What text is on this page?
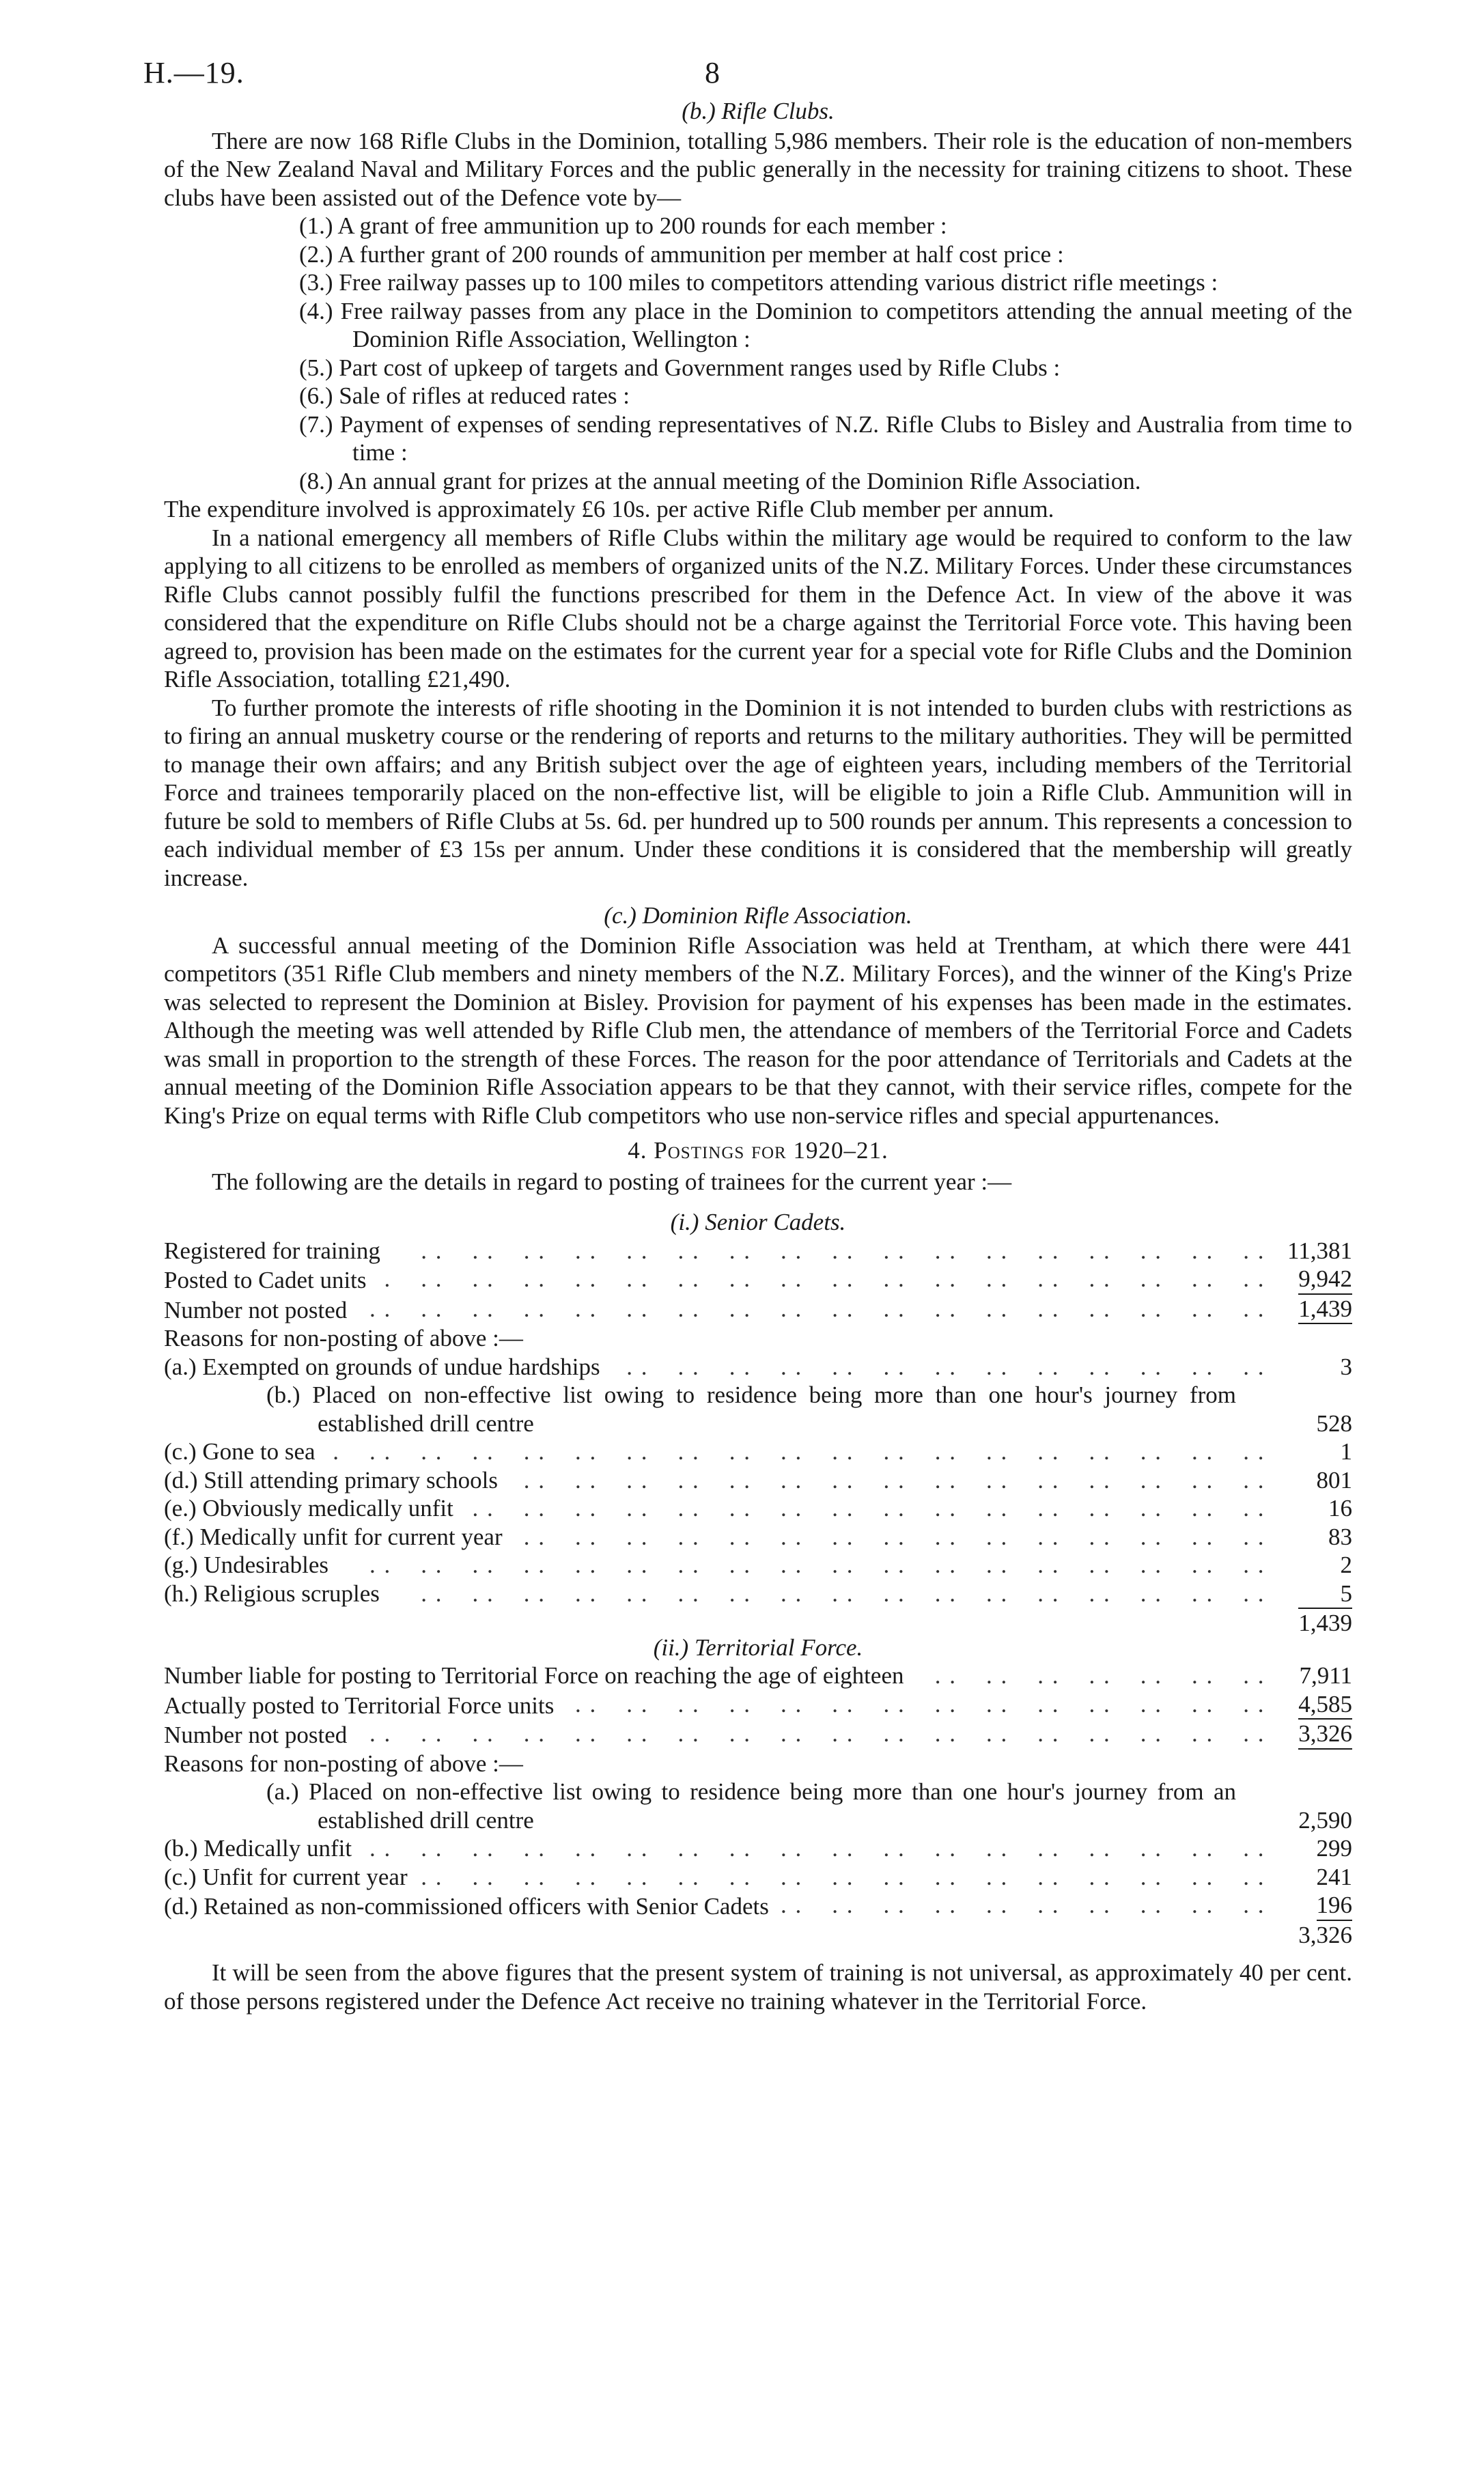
H.—19.	8
(b.) Rifle Clubs.

There are now 168 Rifle Clubs in the Dominion, totalling 5,986 members. Their role is the education of non-members of the New Zealand Naval and Military Forces and the public generally in the necessity for training citizens to shoot. These clubs have been assisted out of the Defence vote by—

(1.) A grant of free ammunition up to 200 rounds for each member :
(2.) A further grant of 200 rounds of ammunition per member at half cost price :
(3.) Free railway passes up to 100 miles to competitors attending various district rifle meetings :
(4.) Free railway passes from any place in the Dominion to competitors attending the annual meeting of the Dominion Rifle Association, Wellington :
(5.) Part cost of upkeep of targets and Government ranges used by Rifle Clubs :
(6.) Sale of rifles at reduced rates :
(7.) Payment of expenses of sending representatives of N.Z. Rifle Clubs to Bisley and Australia from time to time :
(8.) An annual grant for prizes at the annual meeting of the Dominion Rifle Association.

The expenditure involved is approximately £6 10s. per active Rifle Club member per annum.

In a national emergency all members of Rifle Clubs within the military age would be required to conform to the law applying to all citizens to be enrolled as members of organized units of the N.Z. Military Forces. Under these circumstances Rifle Clubs cannot possibly fulfil the functions prescribed for them in the Defence Act. In view of the above it was considered that the expenditure on Rifle Clubs should not be a charge against the Territorial Force vote. This having been agreed to, provision has been made on the estimates for the current year for a special vote for Rifle Clubs and the Dominion Rifle Association, totalling £21,490.

To further promote the interests of rifle shooting in the Dominion it is not intended to burden clubs with restrictions as to firing an annual musketry course or the rendering of reports and returns to the military authorities. They will be permitted to manage their own affairs; and any British subject over the age of eighteen years, including members of the Territorial Force and trainees temporarily placed on the non-effective list, will be eligible to join a Rifle Club. Ammunition will in future be sold to members of Rifle Clubs at 5s. 6d. per hundred up to 500 rounds per annum. This represents a concession to each individual member of £3 15s per annum. Under these conditions it is considered that the membership will greatly increase.

(c.) Dominion Rifle Association.

A successful annual meeting of the Dominion Rifle Association was held at Trentham, at which there were 441 competitors (351 Rifle Club members and ninety members of the N.Z. Military Forces), and the winner of the King's Prize was selected to represent the Dominion at Bisley. Provision for payment of his expenses has been made in the estimates. Although the meeting was well attended by Rifle Club men, the attendance of members of the Territorial Force and Cadets was small in proportion to the strength of these Forces. The reason for the poor attendance of Territorials and Cadets at the annual meeting of the Dominion Rifle Association appears to be that they cannot, with their service rifles, compete for the King's Prize on equal terms with Rifle Club competitors who use non-service rifles and special appurtenances.

4. Postings for 1920–21.

The following are the details in regard to posting of trainees for the current year :—

(i.) Senior Cadets.
Registered for training . .	11,381
Posted to Cadet units . .	9,942
Number not posted . .	1,439
Reasons for non-posting of above :—	
(a.) Exempted on grounds of undue hardships . .	3
(b.) Placed on non-effective list owing to residence being more than one hour's journey from established drill centre	528
(c.) Gone to sea . .	1
(d.) Still attending primary schools . .	801
(e.) Obviously medically unfit . .	16
(f.) Medically unfit for current year . .	83
(g.) Undesirables . .	2
(h.) Religious scruples . .	5
	1,439
(ii.) Territorial Force.
Number liable for posting to Territorial Force on reaching the age of eighteen . .	7,911
Actually posted to Territorial Force units . .	4,585
Number not posted . .	3,326
Reasons for non-posting of above :—	
(a.) Placed on non-effective list owing to residence being more than one hour's journey from an established drill centre	2,590
(b.) Medically unfit . .	299
(c.) Unfit for current year . .	241
(d.) Retained as non-commissioned officers with Senior Cadets . .	196
	3,326

It will be seen from the above figures that the present system of training is not universal, as approximately 40 per cent. of those persons registered under the Defence Act receive no training whatever in the Territorial Force.
